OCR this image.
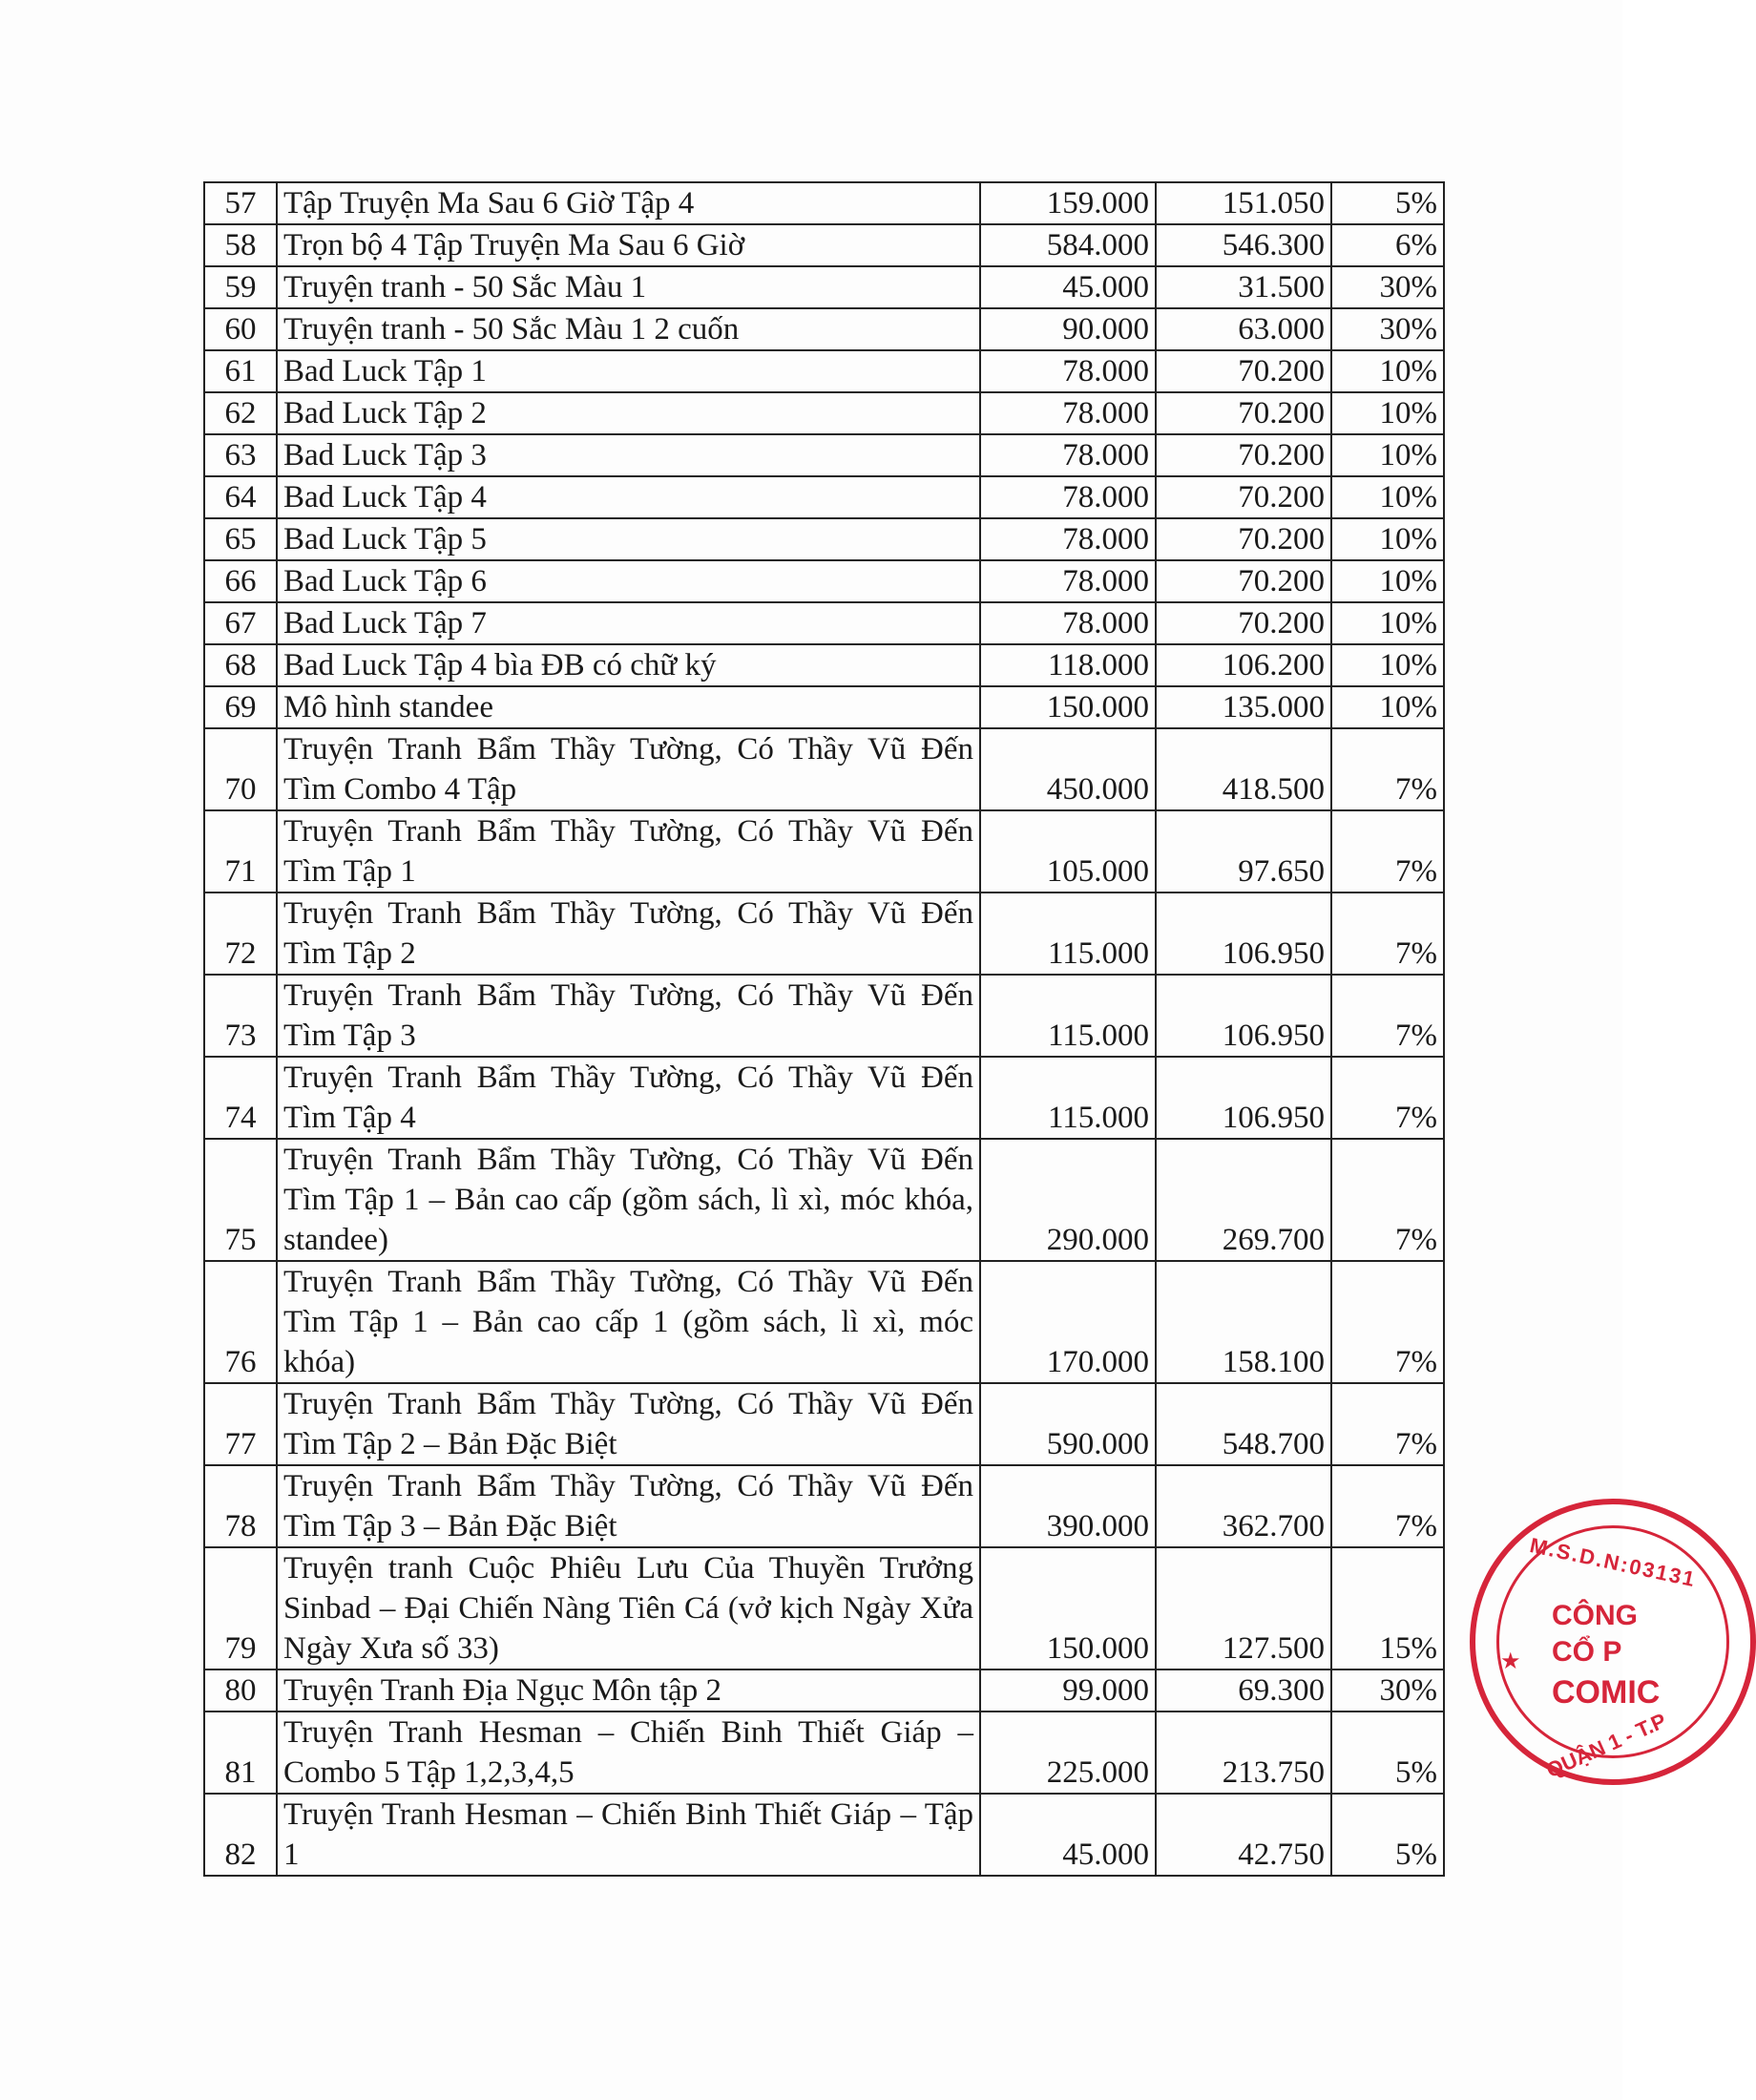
57	Tập Truyện Ma Sau 6 Giờ Tập 4	159.000	151.050	5%
58	Trọn bộ 4 Tập Truyện Ma Sau 6 Giờ	584.000	546.300	6%
59	Truyện tranh - 50 Sắc Màu 1	45.000	31.500	30%
60	Truyện tranh - 50 Sắc Màu 1 2 cuốn	90.000	63.000	30%
61	Bad Luck Tập 1	78.000	70.200	10%
62	Bad Luck Tập 2	78.000	70.200	10%
63	Bad Luck Tập 3	78.000	70.200	10%
64	Bad Luck Tập 4	78.000	70.200	10%
65	Bad Luck Tập 5	78.000	70.200	10%
66	Bad Luck Tập 6	78.000	70.200	10%
67	Bad Luck Tập 7	78.000	70.200	10%
68	Bad Luck Tập 4 bìa ĐB có chữ ký	118.000	106.200	10%
69	Mô hình standee	150.000	135.000	10%
70	Truyện Tranh Bẩm Thầy Tường, Có Thầy Vũ Đến Tìm Combo 4 Tập	450.000	418.500	7%
71	Truyện Tranh Bẩm Thầy Tường, Có Thầy Vũ Đến Tìm Tập 1	105.000	97.650	7%
72	Truyện Tranh Bẩm Thầy Tường, Có Thầy Vũ Đến Tìm Tập 2	115.000	106.950	7%
73	Truyện Tranh Bẩm Thầy Tường, Có Thầy Vũ Đến Tìm Tập 3	115.000	106.950	7%
74	Truyện Tranh Bẩm Thầy Tường, Có Thầy Vũ Đến Tìm Tập 4	115.000	106.950	7%
75	Truyện Tranh Bẩm Thầy Tường, Có Thầy Vũ Đến Tìm Tập 1 – Bản cao cấp (gồm sách, lì xì, móc khóa, standee)	290.000	269.700	7%
76	Truyện Tranh Bẩm Thầy Tường, Có Thầy Vũ Đến Tìm Tập 1 – Bản cao cấp 1 (gồm sách, lì xì, móc khóa)	170.000	158.100	7%
77	Truyện Tranh Bẩm Thầy Tường, Có Thầy Vũ Đến Tìm Tập 2 – Bản Đặc Biệt	590.000	548.700	7%
78	Truyện Tranh Bẩm Thầy Tường, Có Thầy Vũ Đến Tìm Tập 3 – Bản Đặc Biệt	390.000	362.700	7%
79	Truyện tranh Cuộc Phiêu Lưu Của Thuyền Trưởng Sinbad – Đại Chiến Nàng Tiên Cá (vở kịch Ngày Xửa Ngày Xưa số 33)	150.000	127.500	15%
80	Truyện Tranh Địa Ngục Môn tập 2	99.000	69.300	30%
81	Truyện Tranh Hesman – Chiến Binh Thiết Giáp – Combo 5 Tập 1,2,3,4,5	225.000	213.750	5%
82	Truyện Tranh Hesman – Chiến Binh Thiết Giáp – Tập 1	45.000	42.750	5%
M.S.D.N:03131
★
CÔNG
CỔ P
COMIC
QUẬN 1 - T.P
